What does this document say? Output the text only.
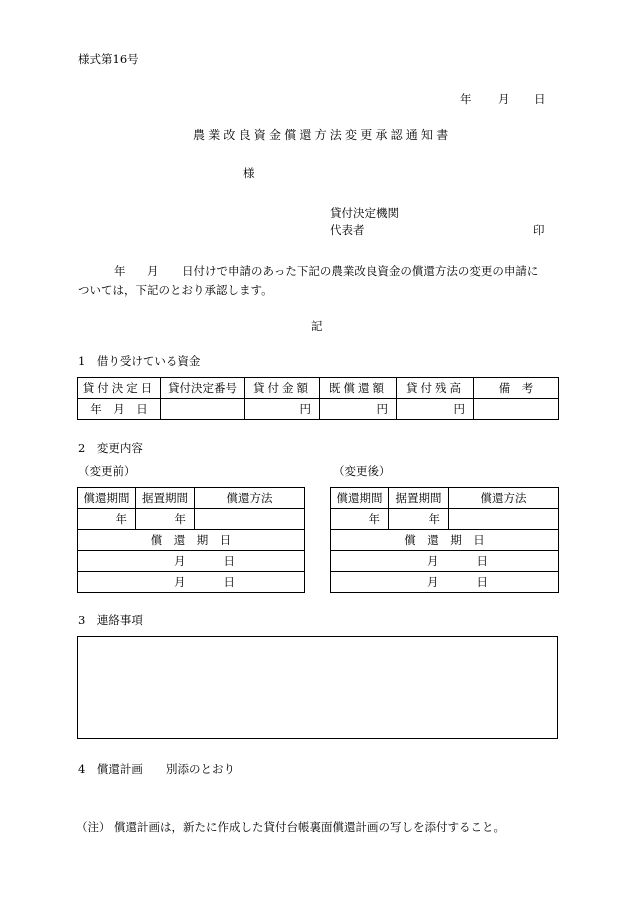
様式第16号
年 月 日
農業改良資金償還方法変更承認通知書
様
貸付決定機関
代表者	印
年 月 日付けで申請のあった下記の農業改良資金の償還方法の変更の申請に
ついては，下記のとおり承認します。
記
1　借り受けている資金
貸付決定日	貸付決定番号	貸付金額	既償還額	貸付残高	備　考
年　月　日		円	円	円	
2　変更内容
（変更前）	（変更後）
償還期間	据置期間	償還方法
年	年	
償　還　期　日		
月 日		
月 日		
償還期間	据置期間	償還方法
年	年	
償　還　期　日		
月 日		
月 日		
3　連絡事項
4　償還計画 別添のとおり
（注） 償還計画は，新たに作成した貸付台帳裏面償還計画の写しを添付すること。
